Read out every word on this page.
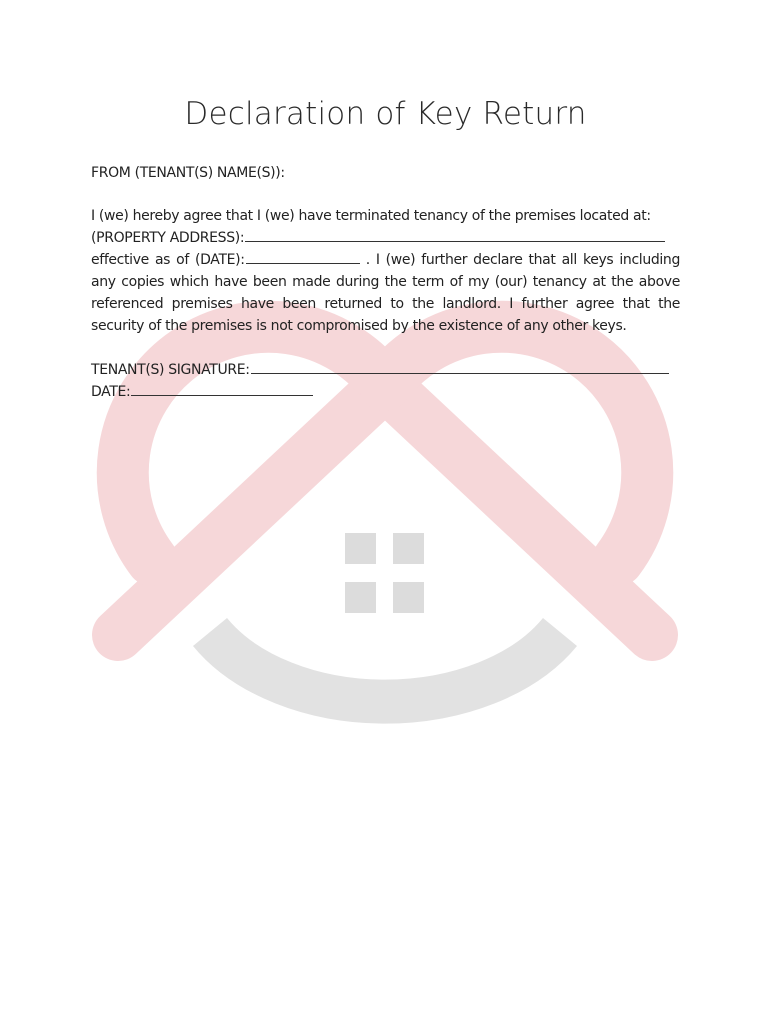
Declaration of Key Return
FROM (TENANT(S) NAME(S)):
I (we) hereby agree that I (we) have terminated tenancy of the premises located at:
(PROPERTY ADDRESS):
effective as of (DATE):	. I (we) further declare that all keys including
any copies which have been made during the term of my (our) tenancy at the above
referenced premises have been returned to the landlord. I further agree that the
security of the premises is not compromised by the existence of any other keys.
TENANT(S) SIGNATURE:
DATE:
